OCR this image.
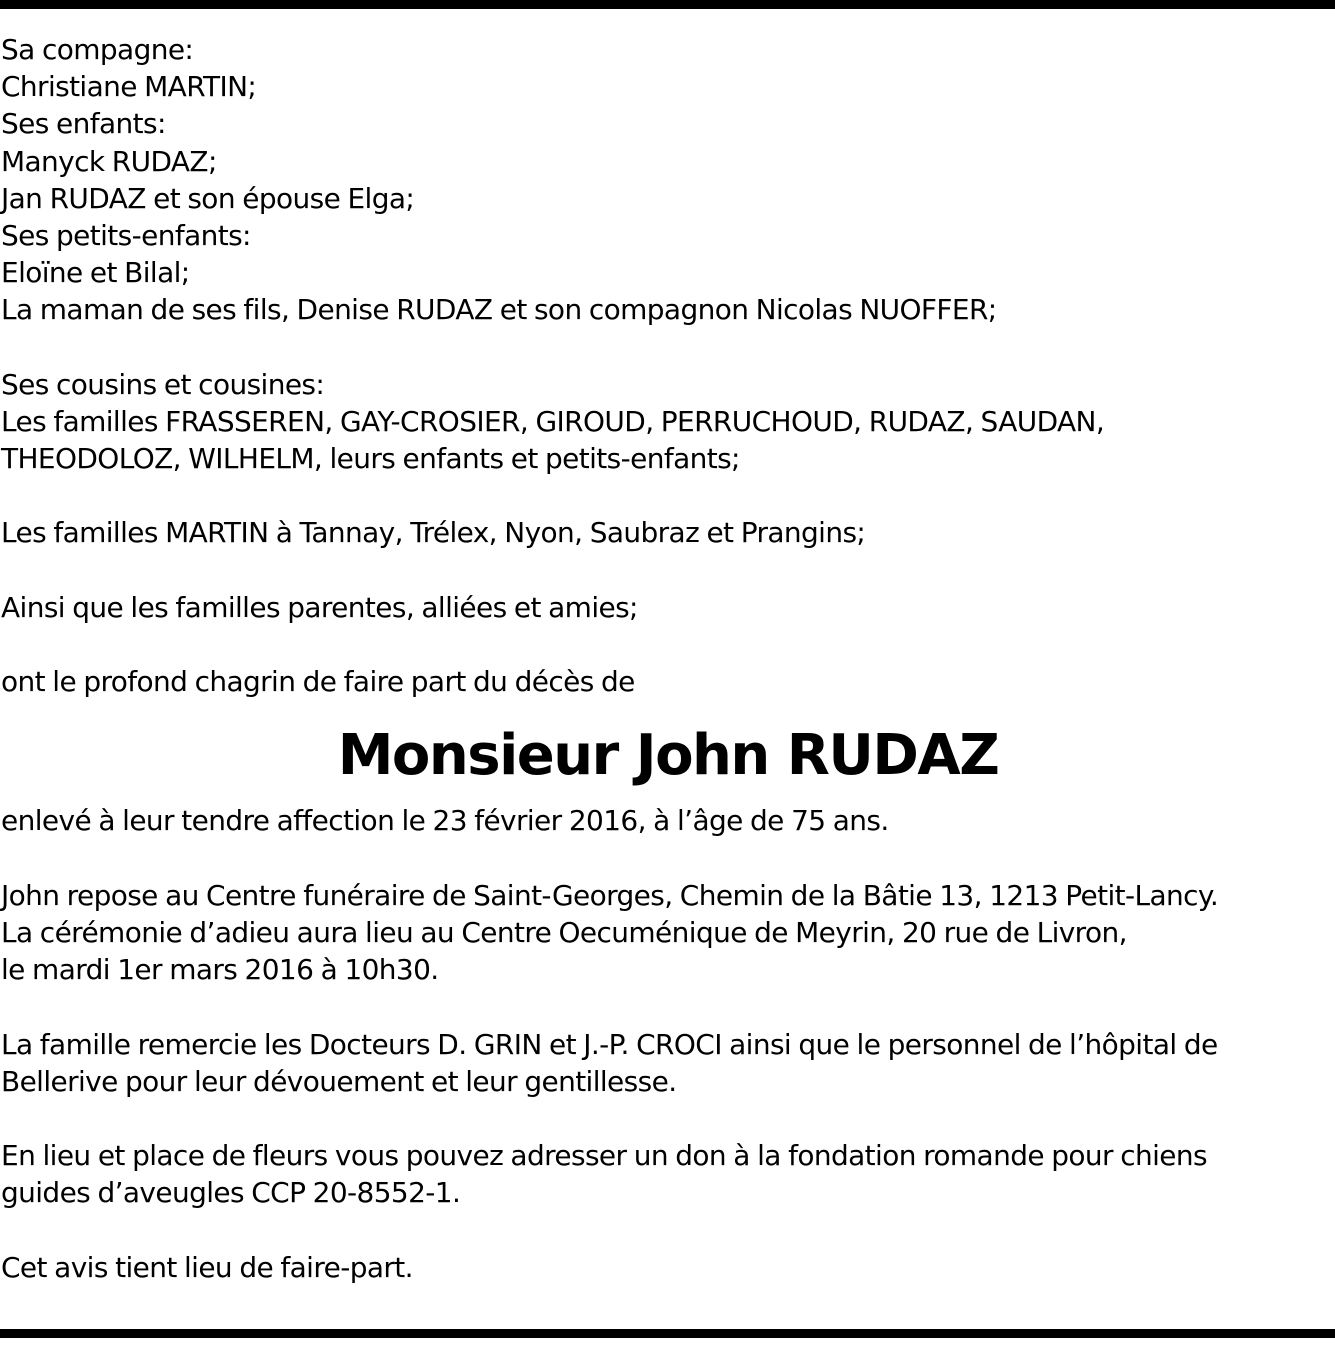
Sa compagne:
Christiane MARTIN;
Ses enfants:
Manyck RUDAZ;
Jan RUDAZ et son épouse Elga;
Ses petits-enfants:
Eloïne et Bilal;
La maman de ses fils, Denise RUDAZ et son compagnon Nicolas NUOFFER;
Ses cousins et cousines:
Les familles FRASSEREN, GAY-CROSIER, GIROUD, PERRUCHOUD, RUDAZ, SAUDAN,
THEODOLOZ, WILHELM, leurs enfants et petits-enfants;
Les familles MARTIN à Tannay, Trélex, Nyon, Saubraz et Prangins;
Ainsi que les familles parentes, alliées et amies;
ont le profond chagrin de faire part du décès de
Monsieur John RUDAZ
enlevé à leur tendre affection le 23 février 2016, à l’âge de 75 ans.
John repose au Centre funéraire de Saint-Georges, Chemin de la Bâtie 13, 1213 Petit-Lancy.
La cérémonie d’adieu aura lieu au Centre Oecuménique de Meyrin, 20 rue de Livron,
le mardi 1er mars 2016 à 10h30.
La famille remercie les Docteurs D. GRIN et J.-P. CROCI ainsi que le personnel de l’hôpital de
Bellerive pour leur dévouement et leur gentillesse.
En lieu et place de fleurs vous pouvez adresser un don à la fondation romande pour chiens
guides d’aveugles CCP 20-8552-1.
Cet avis tient lieu de faire-part.
